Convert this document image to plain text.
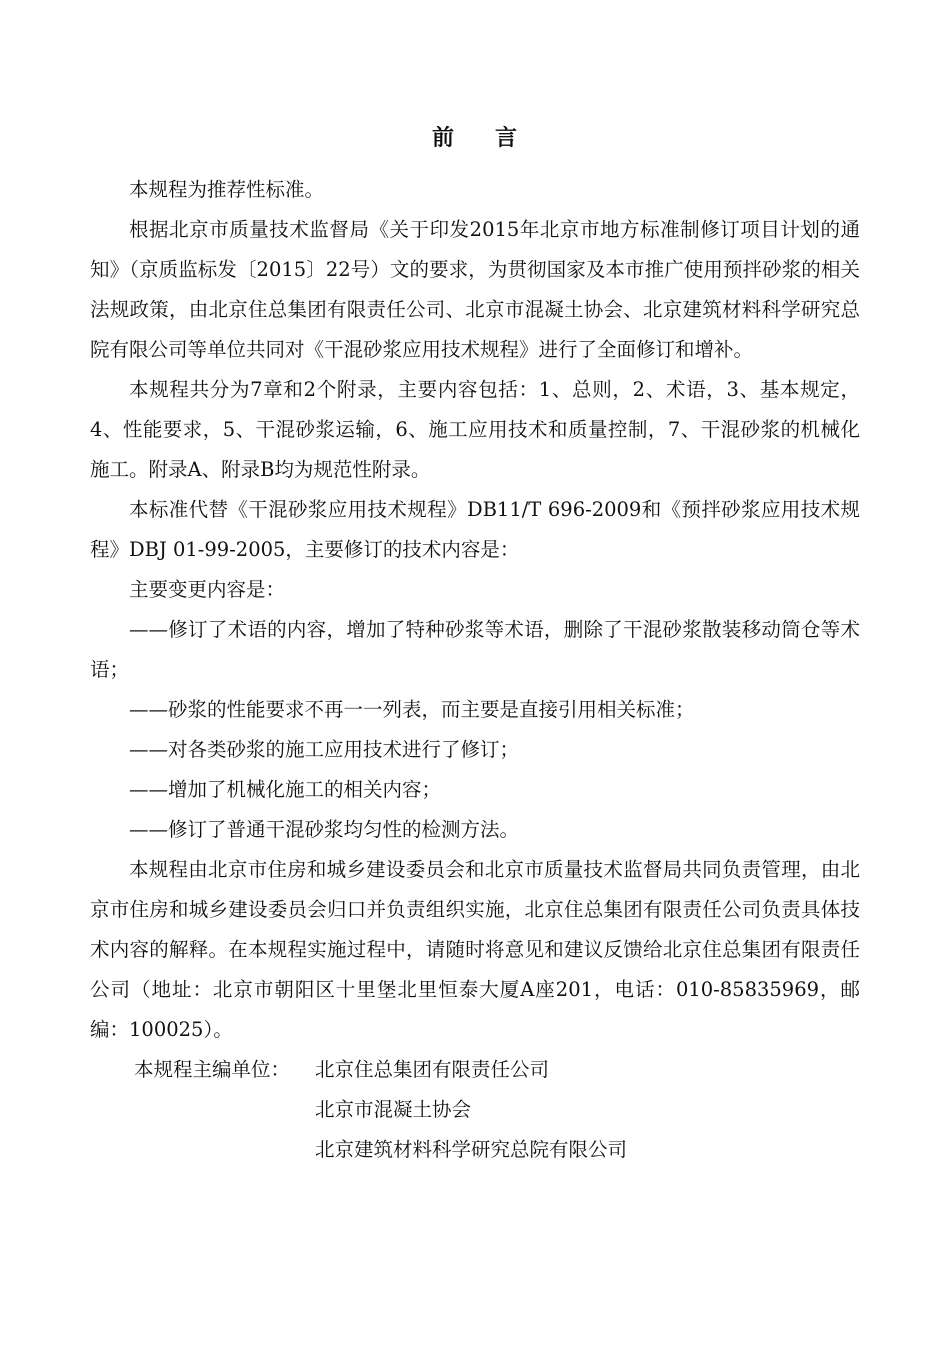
前 言

本规程为推荐性标准。

根据北京市质量技术监督局《关于印发2015年北京市地方标准制修订项目计划的通知》（京质监标发〔2015〕22号）文的要求，为贯彻国家及本市推广使用预拌砂浆的相关法规政策，由北京住总集团有限责任公司、北京市混凝土协会、北京建筑材料科学研究总院有限公司等单位共同对《干混砂浆应用技术规程》进行了全面修订和增补。

本规程共分为7章和2个附录，主要内容包括：1、总则，2、术语，3、基本规定，4、性能要求，5、干混砂浆运输，6、施工应用技术和质量控制，7、干混砂浆的机械化施工。附录A、附录B均为规范性附录。

本标准代替《干混砂浆应用技术规程》DB11/T 696-2009和《预拌砂浆应用技术规程》DBJ 01-99-2005，主要修订的技术内容是：

主要变更内容是：

——修订了术语的内容，增加了特种砂浆等术语，删除了干混砂浆散装移动筒仓等术语；

——砂浆的性能要求不再一一列表，而主要是直接引用相关标准；

——对各类砂浆的施工应用技术进行了修订；

——增加了机械化施工的相关内容；

——修订了普通干混砂浆均匀性的检测方法。

本规程由北京市住房和城乡建设委员会和北京市质量技术监督局共同负责管理，由北京市住房和城乡建设委员会归口并负责组织实施，北京住总集团有限责任公司负责具体技术内容的解释。在本规程实施过程中，请随时将意见和建议反馈给北京住总集团有限责任公司（地址：北京市朝阳区十里堡北里恒泰大厦A座201，电话：010-85835969，邮编：100025）。

本规程主编单位：	北京住总集团有限责任公司
北京市混凝土协会
北京建筑材料科学研究总院有限公司
